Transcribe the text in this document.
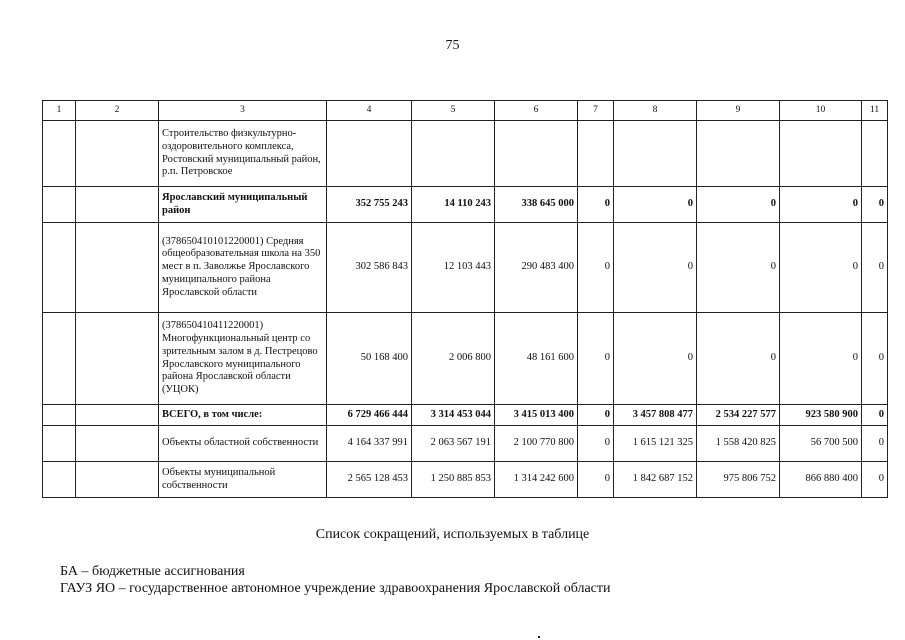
75
1	2	3	4	5	6	7	8	9	10	11
		Строительство физкультурно-оздоровительного комплекса, Ростовский муниципальный район, р.п. Петровское								
		Ярославский муниципальный район	352 755 243	14 110 243	338 645 000	0	0	0	0	0
		(378650410101220001) Средняя общеобразовательная школа на 350 мест в п. Заволжье Ярославского муниципального района Ярославской области	302 586 843	12 103 443	290 483 400	0	0	0	0	0
		(378650410411220001) Многофункциональный центр со зрительным залом в д. Пестрецово Ярославского муниципального района Ярославской области (УЦОК)	50 168 400	2 006 800	48 161 600	0	0	0	0	0
		ВСЕГО, в том числе:	6 729 466 444	3 314 453 044	3 415 013 400	0	3 457 808 477	2 534 227 577	923 580 900	0
		Объекты областной собственности	4 164 337 991	2 063 567 191	2 100 770 800	0	1 615 121 325	1 558 420 825	56 700 500	0
		Объекты муниципальной собственности	2 565 128 453	1 250 885 853	1 314 242 600	0	1 842 687 152	975 806 752	866 880 400	0
Список сокращений, используемых в таблице
БА – бюджетные ассигнования
ГАУЗ ЯО – государственное автономное учреждение здравоохранения Ярославской области
